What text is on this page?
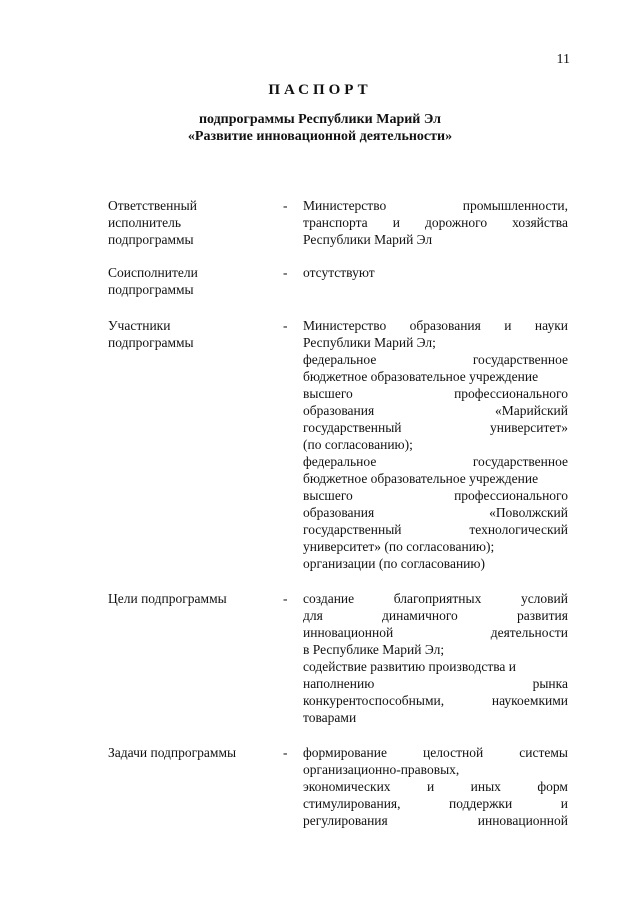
11
ПАСПОРТ
подпрограммы Республики Марий Эл
«Развитие инновационной деятельности»
Ответственный
исполнитель
подпрограммы
-	Министерство	промышленности,
транспорта и дорожного хозяйства
Республики Марий Эл
Соисполнители
подпрограммы
-	отсутствуют
Участники
подпрограммы
-	Министерство образования и науки
Республики Марий Эл;
федеральное	государственное
бюджетное образовательное учреждение
высшего	профессионального
образования	«Марийский
государственный	университет»
(по согласованию);
федеральное	государственное
бюджетное образовательное учреждение
высшего	профессионального
образования	«Поволжский
государственный	технологический
университет» (по согласованию);
организации (по согласованию)
Цели подпрограммы	-	создание	благоприятных	условий
для	динамичного	развития
инновационной	деятельности
в Республике Марий Эл;
содействие развитию производства и
наполнению	рынка
конкурентоспособными,	наукоемкими
товарами
Задачи подпрограммы	-	формирование	целостной	системы
организационно-правовых,
экономических	и	иных	форм
стимулирования,	поддержки	и
регулирования	инновационной
